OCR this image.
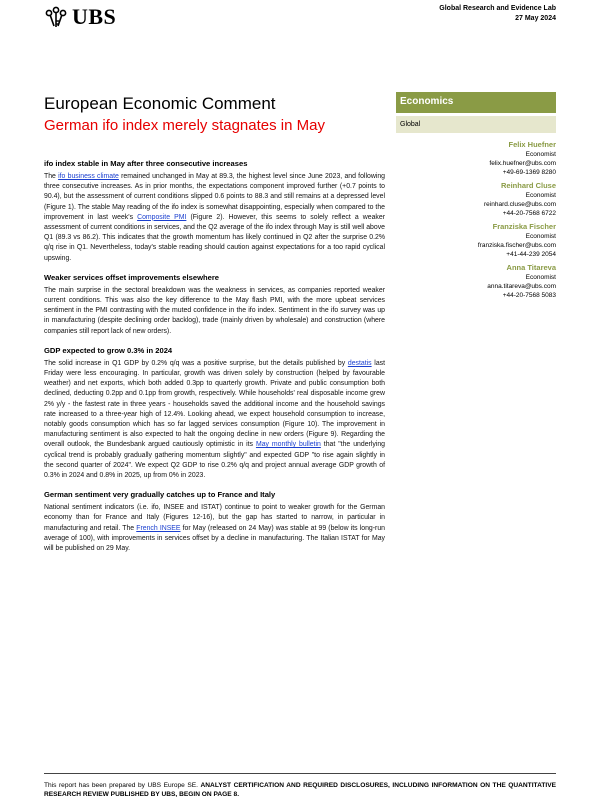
UBS	Global Research and Evidence Lab
27 May 2024
European Economic Comment
German ifo index merely stagnates in May
Economics
Global
Felix Huefner
Economist
felix.huefner@ubs.com
+49-69-1369 8280
Reinhard Cluse
Economist
reinhard.cluse@ubs.com
+44-20-7568 6722
Franziska Fischer
Economist
franziska.fischer@ubs.com
+41-44-239 2054
Anna Titareva
Economist
anna.titareva@ubs.com
+44-20-7568 5083
ifo index stable in May after three consecutive increases
The ifo business climate remained unchanged in May at 89.3, the highest level since June 2023, and following three consecutive increases. As in prior months, the expectations component improved further (+0.7 points to 90.4), but the assessment of current conditions slipped 0.6 points to 88.3 and still remains at a depressed level (Figure 1). The stable May reading of the ifo index is somewhat disappointing, especially when compared to the improvement in last week's Composite PMI (Figure 2). However, this seems to solely reflect a weaker assessment of current conditions in services, and the Q2 average of the ifo index through May is still well above Q1 (89.3 vs 86.2). This indicates that the growth momentum has likely continued in Q2 after the surprise 0.2% q/q rise in Q1. Nevertheless, today's stable reading should caution against expectations for a too rapid cyclical upswing.
Weaker services offset improvements elsewhere
The main surprise in the sectoral breakdown was the weakness in services, as companies reported weaker current conditions. This was also the key difference to the May flash PMI, with the more upbeat services sentiment in the PMI contrasting with the muted confidence in the ifo index. Sentiment in the ifo survey was up in manufacturing (despite declining order backlog), trade (mainly driven by wholesale) and construction (where companies still report lack of new orders).
GDP expected to grow 0.3% in 2024
The solid increase in Q1 GDP by 0.2% q/q was a positive surprise, but the details published by destatis last Friday were less encouraging. In particular, growth was driven solely by construction (helped by favourable weather) and net exports, which both added 0.3pp to quarterly growth. Private and public consumption both declined, deducting 0.2pp and 0.1pp from growth, respectively. While households' real disposable income grew 2% y/y - the fastest rate in three years - households saved the additional income and the household savings rate increased to a three-year high of 12.4%. Looking ahead, we expect household consumption to increase, notably goods consumption which has so far lagged services consumption (Figure 10). The improvement in manufacturing sentiment is also expected to halt the ongoing decline in new orders (Figure 9). Regarding the overall outlook, the Bundesbank argued cautiously optimistic in its May monthly bulletin that "the underlying cyclical trend is probably gradually gathering momentum slightly" and expected GDP "to rise again slightly in the second quarter of 2024". We expect Q2 GDP to rise 0.2% q/q and project annual average GDP growth of 0.3% in 2024 and 0.8% in 2025, up from 0% in 2023.
German sentiment very gradually catches up to France and Italy
National sentiment indicators (i.e. ifo, INSEE and ISTAT) continue to point to weaker growth for the German economy than for France and Italy (Figures 12-16), but the gap has started to narrow, in particular in manufacturing and retail. The French INSEE for May (released on 24 May) was stable at 99 (below its long-run average of 100), with improvements in services offset by a decline in manufacturing. The Italian ISTAT for May will be published on 29 May.
This report has been prepared by UBS Europe SE. ANALYST CERTIFICATION AND REQUIRED DISCLOSURES, INCLUDING INFORMATION ON THE QUANTITATIVE RESEARCH REVIEW PUBLISHED BY UBS, BEGIN ON PAGE 8.
